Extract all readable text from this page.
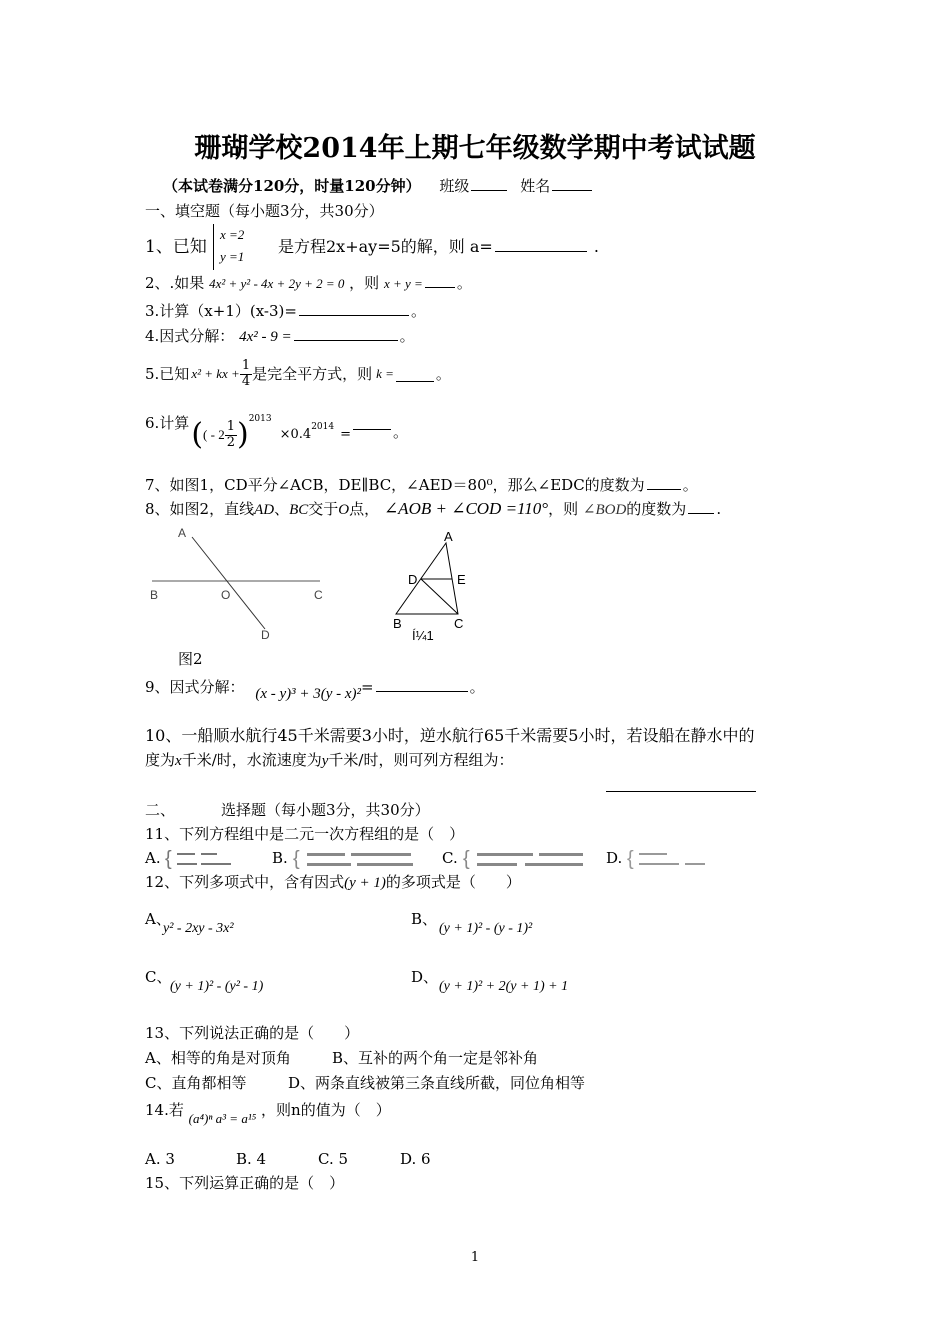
珊瑚学校2014年上期七年级数学期中考试试题
（本试卷满分120分，时量120分钟） 班级	姓名
一、填空题（每小题3分，共30分）
1、已知
x =2
y =1
是方程2x+ay=5的解，则 a=	.
2、.如果 4x² + y² - 4x + 2y + 2 = 0 ，则 x + y = 。
3.计算（x+1）(x-3)=	。
4.因式分解： 4x² - 9 =	。
5.已知 x² + kx + $\frac{1}{4}$ 是完全平方式，则 k =	。
6.计算 ( ( - $2 \frac{1}{2} )^{2013}$
×0.4
$^{2014}$
=	。
7、如图1，CD平分∠ACB，DE∥BC，∠AED＝80⁰，那么∠EDC的度数为	。
8、如图2，直线AD、BC交于O点， ∠AOB + ∠COD =110°，则 ∠BOD的度数为 .
A
B	O	C
D
图2
A
D	E
B	C
Í¼1
9、因式分解： (x - y)³ + 3(y - x)²=	。
10、一船顺水航行45千米需要3小时，逆水航行65千米需要5小时，若设船在静水中的
度为x千米/时，水流速度为y千米/时，则可列方程组为：
二、	选择题（每小题3分，共30分）
11、下列方程组中是二元一次方程组的是（　）
A. {	B. {	C. {	D. {
12、下列多项式中，含有因式(y + 1)的多项式是（　　）
A、
y² - 2xy - 3x²
B、
(y + 1)² - (y - 1)²
C、
(y + 1)² - (y² - 1)
D、
(y + 1)² + 2(y + 1) + 1
13、下列说法正确的是（　　）
A、相等的角是对顶角	B、互补的两个角一定是邻补角
C、直角都相等	D、两条直线被第三条直线所截，同位角相等
14.若 (a⁴)ⁿ a³ = a¹⁵ ，则n的值为（　）
A. 3	B. 4	C. 5	D. 6
15、下列运算正确的是（　）
1
